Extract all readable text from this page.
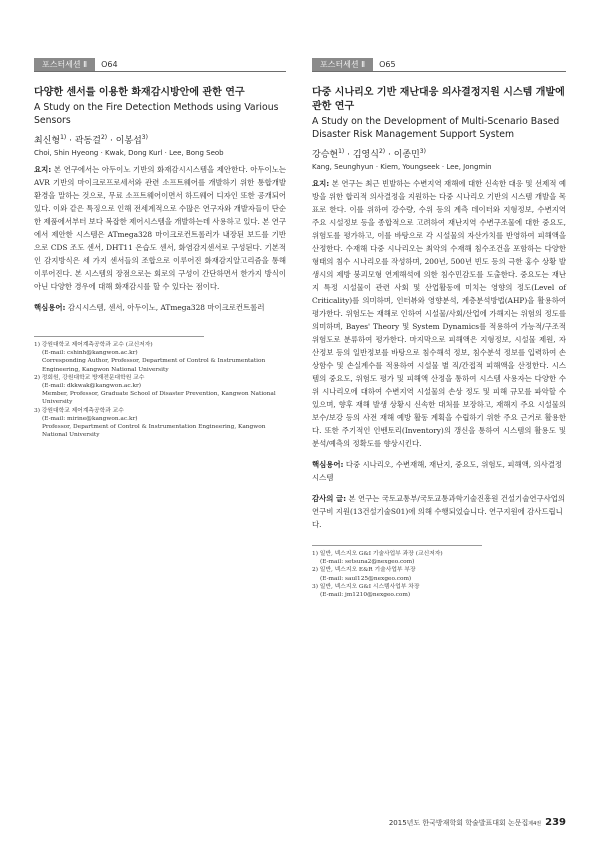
포스터세션 Ⅱ	O64

다양한 센서를 이용한 화재감시방안에 관한 연구

A Study on the Fire Detection Methods using Various Sensors

최신형$^{1)}$ · 곽동걸$^{2)}$ · 이봉섭$^{3)}$
Choi, Shin Hyeong · Kwak, Dong Kurl · Lee, Bong Seob
요지: 본 연구에서는 아두이노 기반의 화재감시시스템을 제안한다. 아두이노는 AVR 기반의 마이크로프로세서와 관련 소프트웨어를 개발하기 위한 통합개발환경을 말하는 것으로, 무료 소프트웨어이면서 하드웨어 디자인 또한 공개되어 있다. 이와 같은 특징으로 인해 전세계적으로 수많은 연구자와 개발자들이 단순한 제품에서부터 보다 복잡한 제어시스템을 개발하는데 사용하고 있다. 본 연구에서 제안한 시스템은 ATmega328 마이크로컨트롤러가 내장된 보드를 기반으로 CDS 조도 센서, DHT11 온습도 센서, 화염감지센서로 구성된다. 기본적인 감지방식은 세 가지 센서들의 조합으로 이루어진 화재감지알고리즘을 통해 이루어진다. 본 시스템의 장점으로는 회로의 구성이 간단하면서 한가지 방식이 아닌 다양한 경우에 대해 화재감시를 할 수 있다는 점이다.
핵심용어: 감시시스템, 센서, 아두이노, ATmega328 마이크로컨트롤러

1) 강원대학교 제어계측공학과 교수 (교신저자)

(E-mail: cshinh@kangwon.ac.kr)

Corresponding Author, Professor, Department of Control & Instrumentation Engineering, Kangwon National University

2) 정회원, 강원대학교 방재전문대학원 교수

(E-mail: dkkwak@kangwon.ac.kr)

Member, Professor, Graduate School of Disaster Prevention, Kangwon National University

3) 강원대학교 제어계측공학과 교수

(E-mail: mirine@kangwon.ac.kr)

Professor, Department of Control & Instrumentation Engineering, Kangwon National University

포스터세션 Ⅱ	O65

다중 시나리오 기반 재난대응 의사결정지원 시스템 개발에 관한 연구

A Study on the Development of Multi-Scenario Based Disaster Risk Management Support System

강승현$^{1)}$ · 김영식$^{2)}$ · 이종민$^{3)}$
Kang, Seunghyun · Kiem, Youngseek · Lee, Jongmin
요지: 본 연구는 최근 빈발하는 수변지역 재해에 대한 신속한 대응 및 선제적 예방을 위한 합리적 의사결정을 지원하는 다중 시나리오 기반의 시스템 개발을 목표로 한다. 이를 위하여 강수량, 수위 등의 계측 데이터와 지형정보, 수변지역 주요 시설정보 등을 종합적으로 고려하여 재난지역 수변구조물에 대한 중요도, 위험도를 평가하고, 이를 바탕으로 각 시설물의 자산가치를 반영하여 피해액을 산정한다. 수재해 다중 시나리오는 최악의 수재해 침수조건을 포함하는 다양한 형태의 침수 시나리오를 작성하며, 200년, 500년 빈도 등의 극한 홍수 상황 발생시의 제방 붕괴모형 연계해석에 의한 침수민감도를 도출한다. 중요도는 재난지 특정 시설물이 관련 사회 및 산업활동에 미치는 영향의 정도(Level of Criticality)를 의미하며, 인터뷰와 영향분석, 계층분석방법(AHP)을 활용하여 평가한다. 위험도는 재해로 인하여 시설물/사회/산업에 가해지는 위험의 정도를 의미하며, Bayes' Theory 및 System Dynamics를 적용하여 가능적/구조적 위험도로 분류하여 평가한다. 마지막으로 피해액은 지형정보, 시설물 제원, 자산정보 등의 일반정보를 바탕으로 침수해석 정보, 침수분석 정보를 입력하여 손상함수 및 손실계수를 적용하여 시설물 별 직/간접적 피해액을 산정한다. 시스템의 중요도, 위험도 평가 및 피해액 산정을 통하여 시스템 사용자는 다양한 수위 시나리오에 대하여 수변지역 시설물의 손상 정도 및 피해 규모를 파악할 수 있으며, 향후 재해 발생 상황시 신속한 대처를 보장하고, 재해지 주요 시설물의 보수/보강 등의 사전 재해 예방 활동 계획을 수립하기 위한 주요 근거로 활용한다. 또한 주기적인 인벤토리(Inventory)의 갱신을 통하여 시스템의 활용도 및 분석/예측의 정확도를 향상시킨다.
핵심용어: 다중 시나리오, 수변재해, 재난지, 중요도, 위험도, 피해액, 의사결정시스템
감사의 글: 본 연구는 국토교통부/국토교통과학기술진흥원 건설기술연구사업의 연구비 지원(13건설기술S01)에 의해 수행되었습니다. 연구지원에 감사드립니다.

1) 일반, 넥스지오 G&I 기술사업부 과장 (교신저자)

(E-mail: setsuna2@nexgeo.com)

2) 일반, 넥스지오 E&R 기술사업부 부장

(E-mail: saul125@nexgeo.com)

3) 일반, 넥스지오 G&I 시스템사업부 차장

(E-mail: jm1210@nexgeo.com)

2015년도 한국방재학회 학술발표대회 논문집 제4권 239
